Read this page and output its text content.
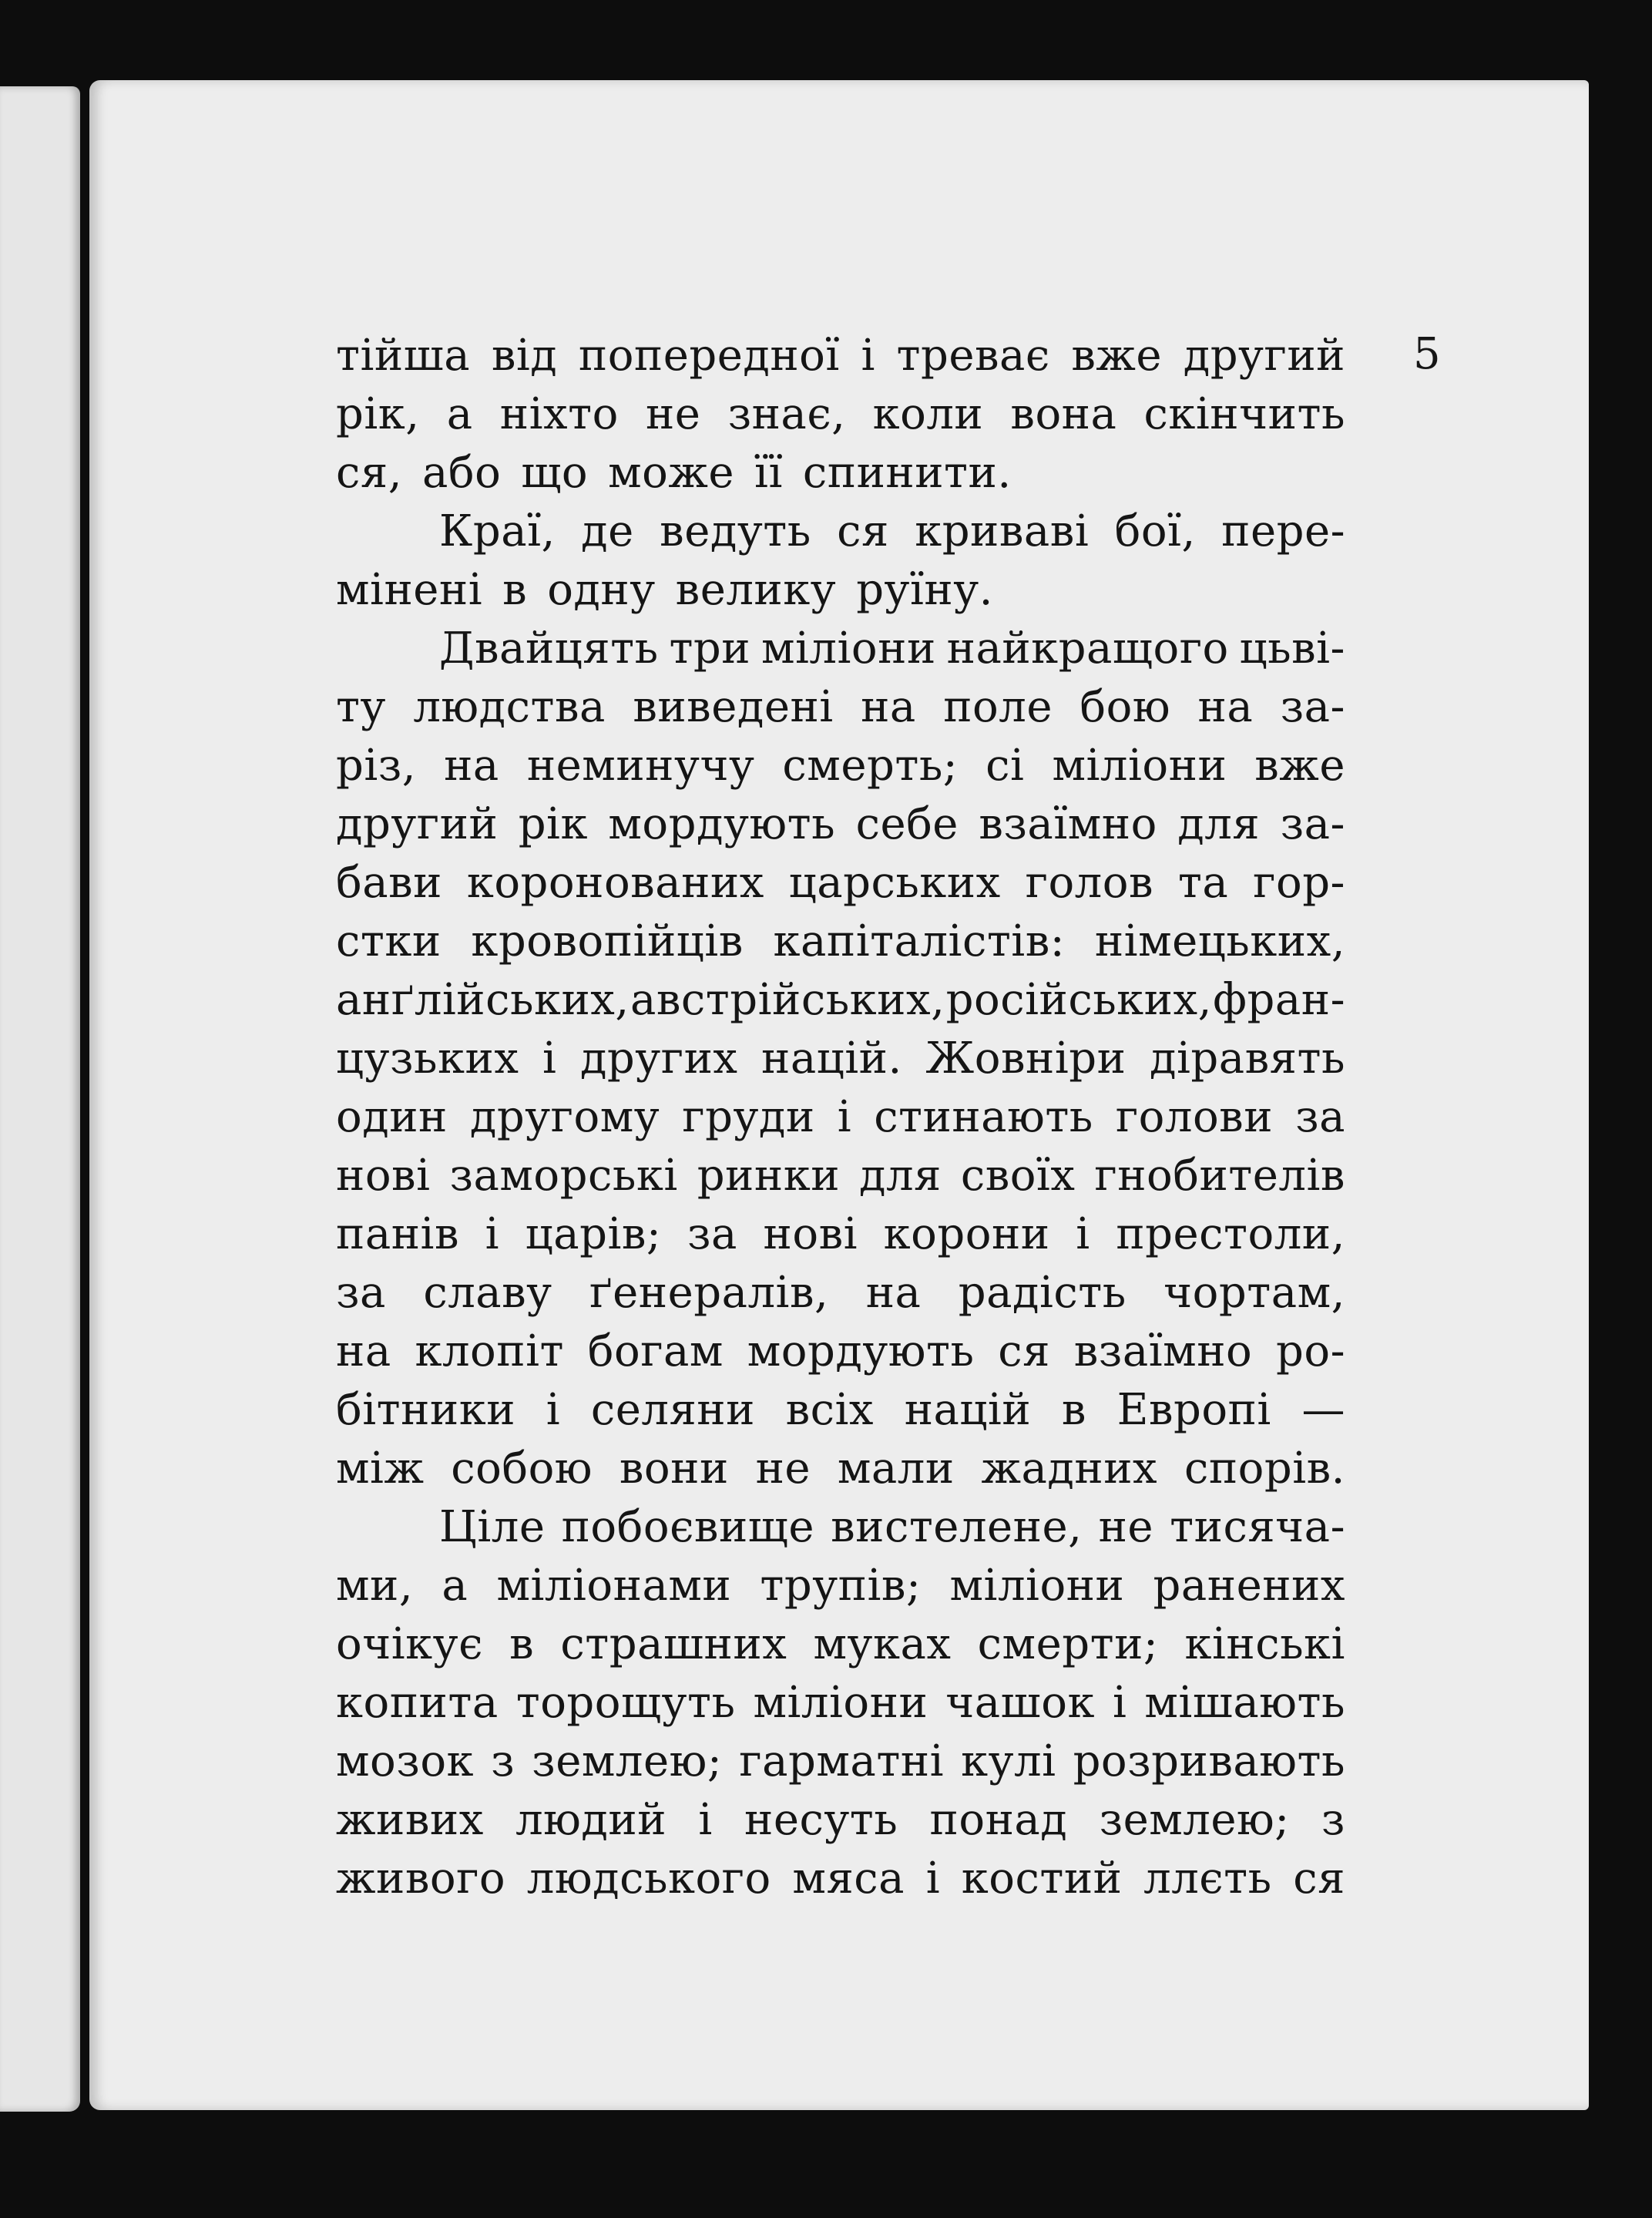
5
тійша від попередної і треває вже другий
рік, а ніхто не знає, коли вона скінчить
ся, або що може її спинити.
Краї, де ведуть ся криваві бої, пере-
мінені в одну велику руїну.
Двайцять три міліони найкращого цьві-
ту людства виведені на поле бою на за-
різ, на неминучу смерть; сі міліони вже
другий рік мордують себе взаїмно для за-
бави коронованих царських голов та гор-
стки кровопійців капіталістів: німецьких,
анґлійських, австрійських, російських, фран-
цузьких і других націй. Жовніри діравять
один другому груди і стинають голови за
нові заморські ринки для своїх гнобителів
панів і царів; за нові корони і престоли,
за славу ґенералів, на радість чортам,
на клопіт богам мордують ся взаїмно ро-
бітники і селяни всіх націй в Европі —
між собою вони не мали жадних спорів.
Ціле побоєвище вистелене, не тисяча-
ми, а міліонами трупів; міліони ранених
очікує в страшних муках смерти; кінські
копита торощуть міліони чашок і мішають
мозок з землею; гарматні кулі розривають
живих людий і несуть понад землею; з
живого людського мяса і костий ллєть ся
